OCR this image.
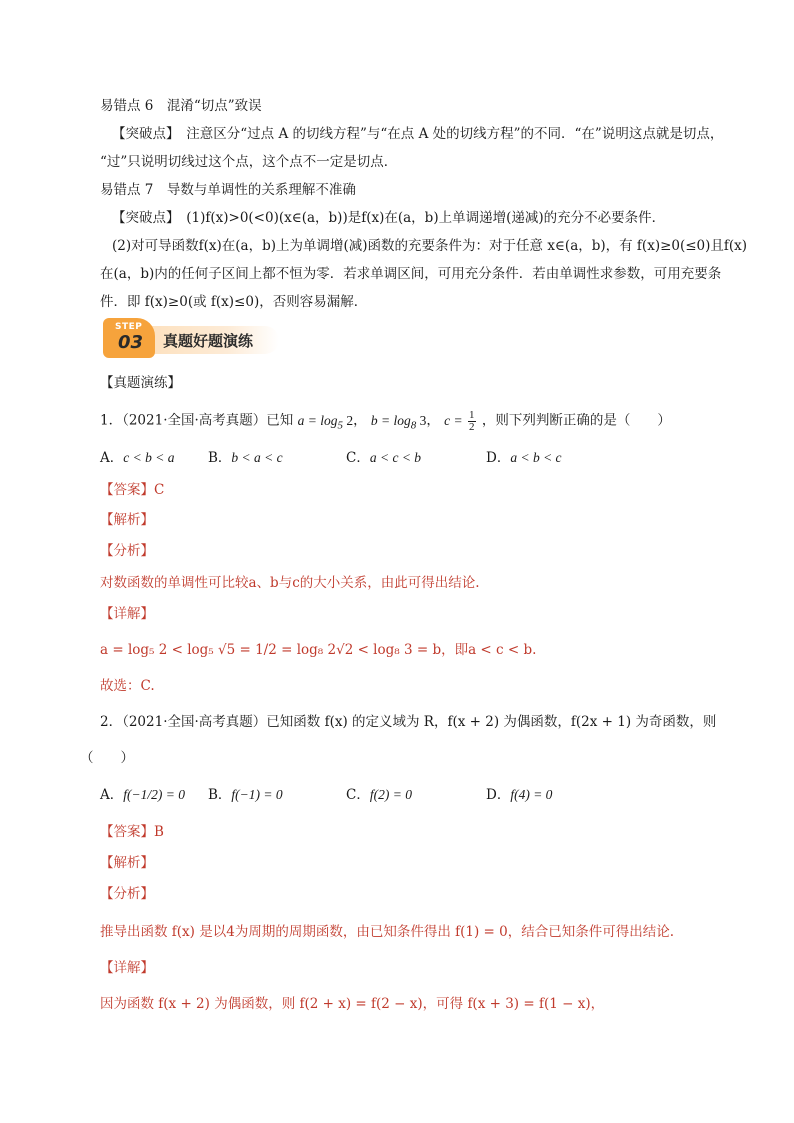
易错点 6　混淆“切点”致误
【突破点】　注意区分“过点 A 的切线方程”与“在点 A 处的切线方程”的不同．“在”说明这点就是切点，
“过”只说明切线过这个点，这个点不一定是切点．
易错点 7　导数与单调性的关系理解不准确
【突破点】　(1)f(x)>0(<0)(x∈(a，b))是f(x)在(a，b)上单调递增(递减)的充分不必要条件．
(2)对可导函数f(x)在(a，b)上为单调增(减)函数的充要条件为：对于任意 x∈(a，b)，有 f(x)≥0(≤0)且f(x)
在(a，b)内的任何子区间上都不恒为零．若求单调区间，可用充分条件．若由单调性求参数，可用充要条
件．即 f(x)≥0(或 f(x)≤0)，否则容易漏解．
STEP
03 真题好题演练
【真题演练】
1．（2021·全国·高考真题）已知 $a = \log_5 2$， $b = \log_8 3$， $c = \frac{1}{2}$ ，则下列判断正确的是（　　）
A．c < b < a B．b < a < c	C．a < c < b	D．a < b < c
【答案】C
【解析】
【分析】
对数函数的单调性可比较a、b与c的大小关系，由此可得出结论.
【详解】
a = log₅ 2 < log₅ √5 = 1/2 = log₈ 2√2 < log₈ 3 = b，即a < c < b.
故选：C.
2．（2021·全国·高考真题）已知函数 f(x) 的定义域为 R，f(x + 2) 为偶函数，f(2x + 1) 为奇函数，则
（　　）
A．f(−1/2) = 0 B．f(−1) = 0	C．f(2) = 0	D．f(4) = 0
【答案】B
【解析】
【分析】
推导出函数 f(x) 是以4为周期的周期函数，由已知条件得出 f(1) = 0，结合已知条件可得出结论.
【详解】
因为函数 f(x + 2) 为偶函数，则 f(2 + x) = f(2 − x)，可得 f(x + 3) = f(1 − x)，
